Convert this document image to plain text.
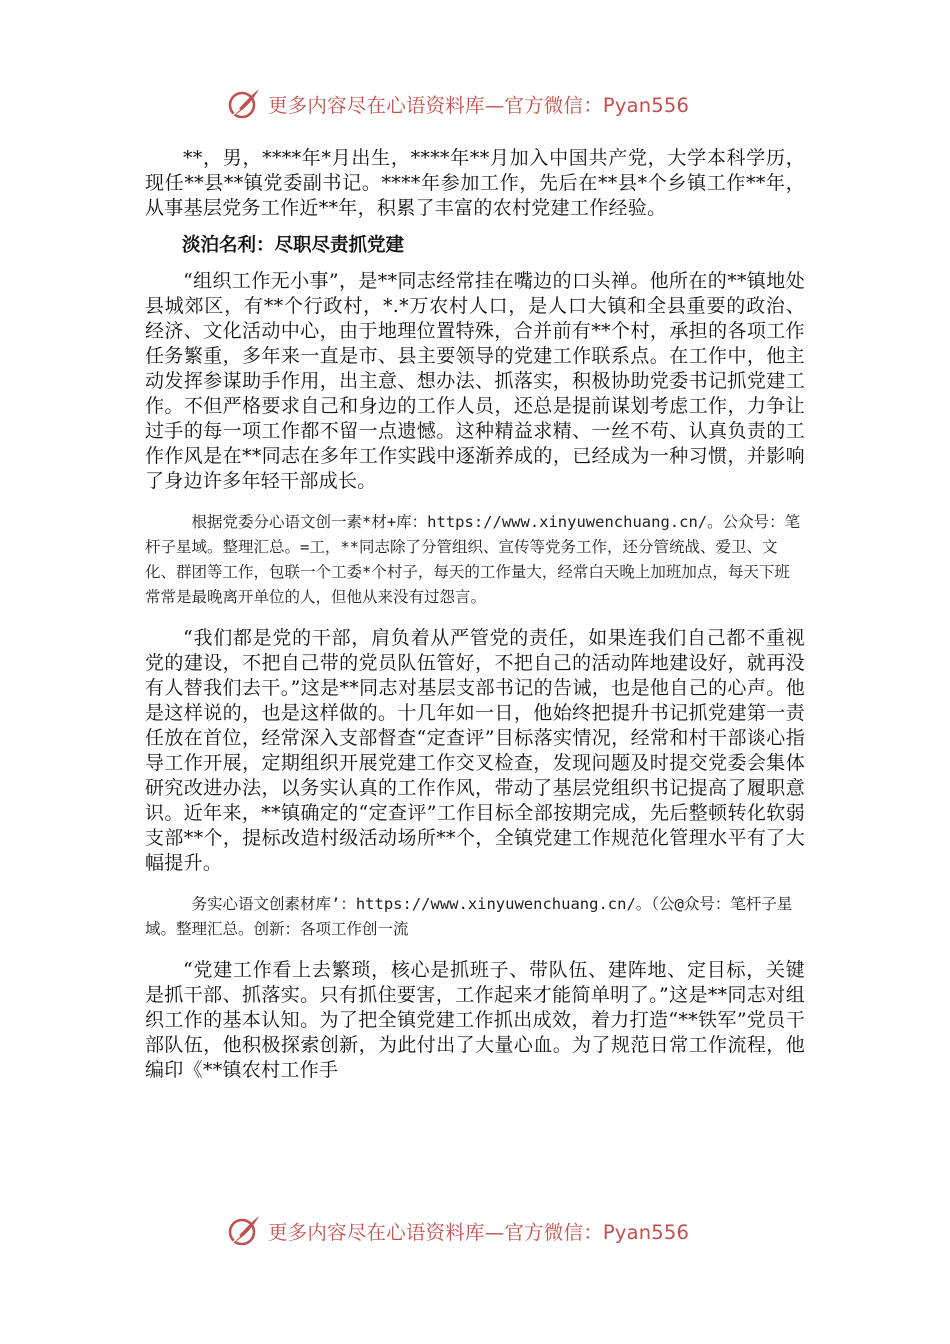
更多内容尽在心语资料库—官方微信：Pyan556

**，男，****年*月出生，****年**月加入中国共产党，大学本科学历，现任**县**镇党委副书记。****年参加工作，先后在**县*个乡镇工作**年，从事基层党务工作近**年，积累了丰富的农村党建工作经验。

淡泊名利：尽职尽责抓党建

“组织工作无小事”，是**同志经常挂在嘴边的口头禅。他所在的**镇地处县城郊区，有**个行政村，*.*万农村人口，是人口大镇和全县重要的政治、经济、文化活动中心，由于地理位置特殊，合并前有**个村，承担的各项工作任务繁重，多年来一直是市、县主要领导的党建工作联系点。在工作中，他主动发挥参谋助手作用，出主意、想办法、抓落实，积极协助党委书记抓党建工作。不但严格要求自己和身边的工作人员，还总是提前谋划考虑工作，力争让过手的每一项工作都不留一点遗憾。这种精益求精、一丝不苟、认真负责的工作作风是在**同志在多年工作实践中逐渐养成的，已经成为一种习惯，并影响了身边许多年轻干部成长。

根据党委分心语文创一素*材+库：https://www.xinyuwenchuang.cn/。公众号：笔杆子星域。整理汇总。=工，**同志除了分管组织、宣传等党务工作，还分管统战、爱卫、文化、群团等工作，包联一个工委*个村子，每天的工作量大，经常白天晚上加班加点，每天下班常常是最晚离开单位的人，但他从来没有过怨言。

“我们都是党的干部，肩负着从严管党的责任，如果连我们自己都不重视党的建设，不把自己带的党员队伍管好，不把自己的活动阵地建设好，就再没有人替我们去干。”这是**同志对基层支部书记的告诫，也是他自己的心声。他是这样说的，也是这样做的。十几年如一日，他始终把提升书记抓党建第一责任放在首位，经常深入支部督查“定查评”目标落实情况，经常和村干部谈心指导工作开展，定期组织开展党建工作交叉检查，发现问题及时提交党委会集体研究改进办法，以务实认真的工作作风，带动了基层党组织书记提高了履职意识。近年来，**镇确定的“定查评”工作目标全部按期完成，先后整顿转化软弱支部**个，提标改造村级活动场所**个，全镇党建工作规范化管理水平有了大幅提升。

务实心语文创素材库’：https://www.xinyuwenchuang.cn/。（公@众号：笔杆子星域。整理汇总。创新：各项工作创一流

“党建工作看上去繁琐，核心是抓班子、带队伍、建阵地、定目标，关键是抓干部、抓落实。只有抓住要害，工作起来才能简单明了。”这是**同志对组织工作的基本认知。为了把全镇党建工作抓出成效，着力打造“**铁军”党员干部队伍，他积极探索创新，为此付出了大量心血。为了规范日常工作流程，他编印《**镇农村工作手

更多内容尽在心语资料库—官方微信：Pyan556
